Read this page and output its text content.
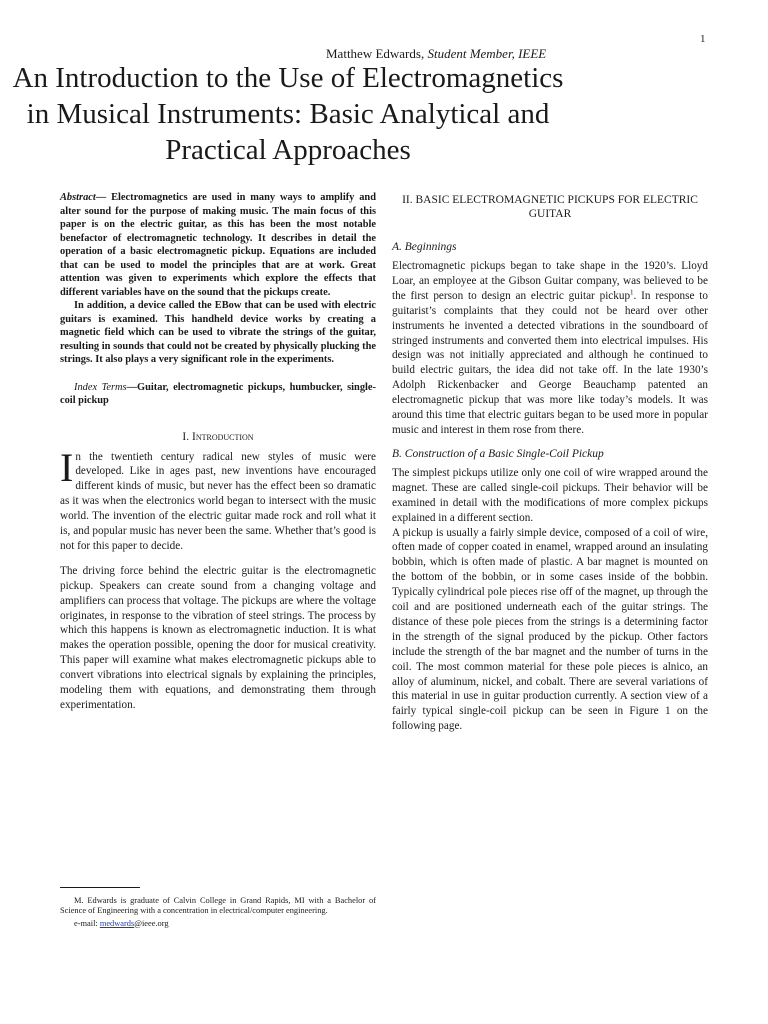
1
Matthew Edwards, Student Member, IEEE
An Introduction to the Use of Electromagnetics in Musical Instruments: Basic Analytical and Practical Approaches

Abstract— Electromagnetics are used in many ways to amplify and alter sound for the purpose of making music. The main focus of this paper is on the electric guitar, as this has been the most notable benefactor of electromagnetic technology. It describes in detail the operation of a basic electromagnetic pickup. Equations are included that can be used to model the principles that are at work. Great attention was given to experiments which explore the effects that different variables have on the sound that the pickups create.

In addition, a device called the EBow that can be used with electric guitars is examined. This handheld device works by creating a magnetic field which can be used to vibrate the strings of the guitar, resulting in sounds that could not be created by physically plucking the strings. It also plays a very significant role in the experiments.

Index Terms—Guitar, electromagnetic pickups, humbucker, single-coil pickup

I. Introduction

In the twentieth century radical new styles of music were developed. Like in ages past, new inventions have encouraged different kinds of music, but never has the effect been so dramatic as it was when the electronics world began to intersect with the music world. The invention of the electric guitar made rock and roll what it is, and popular music has never been the same. Whether that’s good is not for this paper to decide.

The driving force behind the electric guitar is the electromagnetic pickup. Speakers can create sound from a changing voltage and amplifiers can process that voltage. The pickups are where the voltage originates, in response to the vibration of steel strings. The process by which this happens is known as electromagnetic induction. It is what makes the operation possible, opening the door for musical creativity. This paper will examine what makes electromagnetic pickups able to convert vibrations into electrical signals by explaining the principles, modeling them with equations, and demonstrating them through experimentation.

II. BASIC ELECTROMAGNETIC PICKUPS FOR ELECTRIC GUITAR
A. Beginnings

Electromagnetic pickups began to take shape in the 1920’s. Lloyd Loar, an employee at the Gibson Guitar company, was believed to be the first person to design an electric guitar pickup$^1$. In response to guitarist’s complaints that they could not be heard over other instruments he invented a detected vibrations in the soundboard of stringed instruments and converted them into electrical impulses. His design was not initially appreciated and although he continued to build electric guitars, the idea did not take off. In the late 1930’s Adolph Rickenbacker and George Beauchamp patented an electromagnetic pickup that was more like today’s models. It was around this time that electric guitars began to be used more in popular music and interest in them rose from there.

B. Construction of a Basic Single-Coil Pickup

The simplest pickups utilize only one coil of wire wrapped around the magnet. These are called single-coil pickups. Their behavior will be examined in detail with the modifications of more complex pickups explained in a different section.

A pickup is usually a fairly simple device, composed of a coil of wire, often made of copper coated in enamel, wrapped around an insulating bobbin, which is often made of plastic. A bar magnet is mounted on the bottom of the bobbin, or in some cases inside of the bobbin. Typically cylindrical pole pieces rise off of the magnet, up through the coil and are positioned underneath each of the guitar strings. The distance of these pole pieces from the strings is a determining factor in the strength of the signal produced by the pickup. Other factors include the strength of the bar magnet and the number of turns in the coil. The most common material for these pole pieces is alnico, an alloy of aluminum, nickel, and cobalt. There are several variations of this material in use in guitar production currently. A section view of a fairly typical single-coil pickup can be seen in Figure 1 on the following page.

M. Edwards is graduate of Calvin College in Grand Rapids, MI with a Bachelor of Science of Engineering with a concentration in electrical/computer engineering.

e-mail: medwards@ieee.org
